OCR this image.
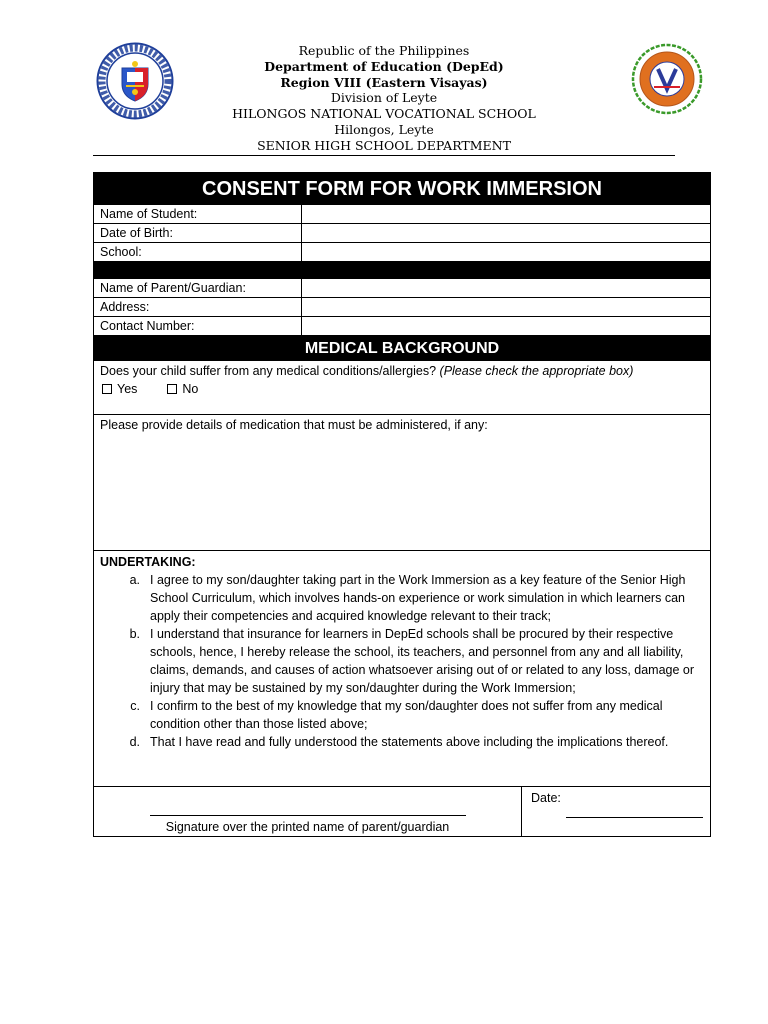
Republic of the Philippines
Department of Education (DepEd)
Region VIII (Eastern Visayas)
Division of Leyte
HILONGOS NATIONAL VOCATIONAL SCHOOL
Hilongos, Leyte
SENIOR HIGH SCHOOL DEPARTMENT
CONSENT FORM FOR WORK IMMERSION
Name of Student:
Date of Birth:
School:
Name of Parent/Guardian:
Address:
Contact Number:
MEDICAL BACKGROUND
Does your child suffer from any medical conditions/allergies? (Please check the appropriate box)
Yes	No
Please provide details of medication that must be administered, if any:
UNDERTAKING:
a. I agree to my son/daughter taking part in the Work Immersion as a key feature of the Senior High School Curriculum, which involves hands-on experience or work simulation in which learners can apply their competencies and acquired knowledge relevant to their track;
b. I understand that insurance for learners in DepEd schools shall be procured by their respective schools, hence, I hereby release the school, its teachers, and personnel from any and all liability, claims, demands, and causes of action whatsoever arising out of or related to any loss, damage or injury that may be sustained by my son/daughter during the Work Immersion;
c. I confirm to the best of my knowledge that my son/daughter does not suffer from any medical condition other than those listed above;
d. That I have read and fully understood the statements above including the implications thereof.
Signature over the printed name of parent/guardian
Date:
